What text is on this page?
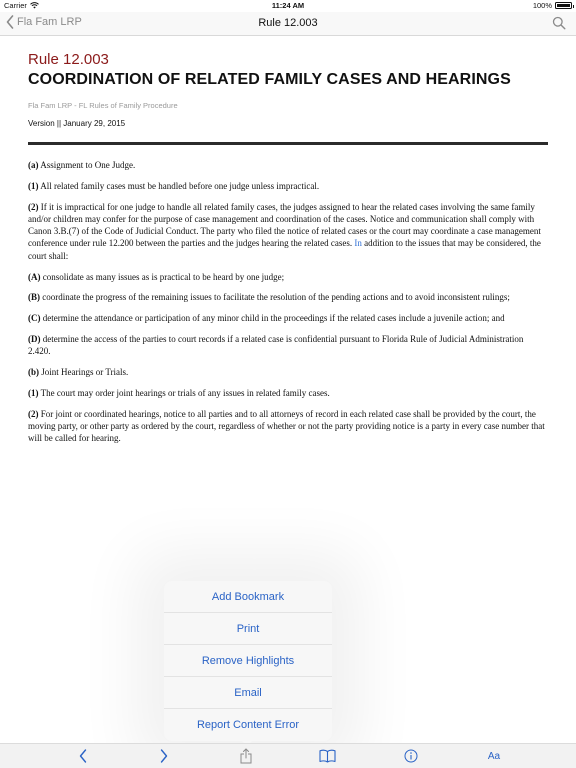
Carrier	11:24 AM	100%
Fla Fam LRP	Rule 12.003
Rule 12.003
COORDINATION OF RELATED FAMILY CASES AND HEARINGS
Fla Fam LRP - FL Rules of Family Procedure
Version || January 29, 2015

(a) Assignment to One Judge.

(1) All related family cases must be handled before one judge unless impractical.

(2) If it is impractical for one judge to handle all related family cases, the judges assigned to hear the related cases involving the same family and/or children may confer for the purpose of case management and coordination of the cases. Notice and communication shall comply with Canon 3.B.(7) of the Code of Judicial Conduct. The party who filed the notice of related cases or the court may coordinate a case management conference under rule 12.200 between the parties and the judges hearing the related cases. In addition to the issues that may be considered, the court shall:

(A) consolidate as many issues as is practical to be heard by one judge;

(B) coordinate the progress of the remaining issues to facilitate the resolution of the pending actions and to avoid inconsistent rulings;

(C) determine the attendance or participation of any minor child in the proceedings if the related cases include a juvenile action; and

(D) determine the access of the parties to court records if a related case is confidential pursuant to Florida Rule of Judicial Administration 2.420.

(b) Joint Hearings or Trials.

(1) The court may order joint hearings or trials of any issues in related family cases.

(2) For joint or coordinated hearings, notice to all parties and to all attorneys of record in each related case shall be provided by the court, the moving party, or other party as ordered by the court, regardless of whether or not the party providing notice is a party in every case number that will be called for hearing.

Add Bookmark
Print
Remove Highlights
Email
Report Content Error
Aa
